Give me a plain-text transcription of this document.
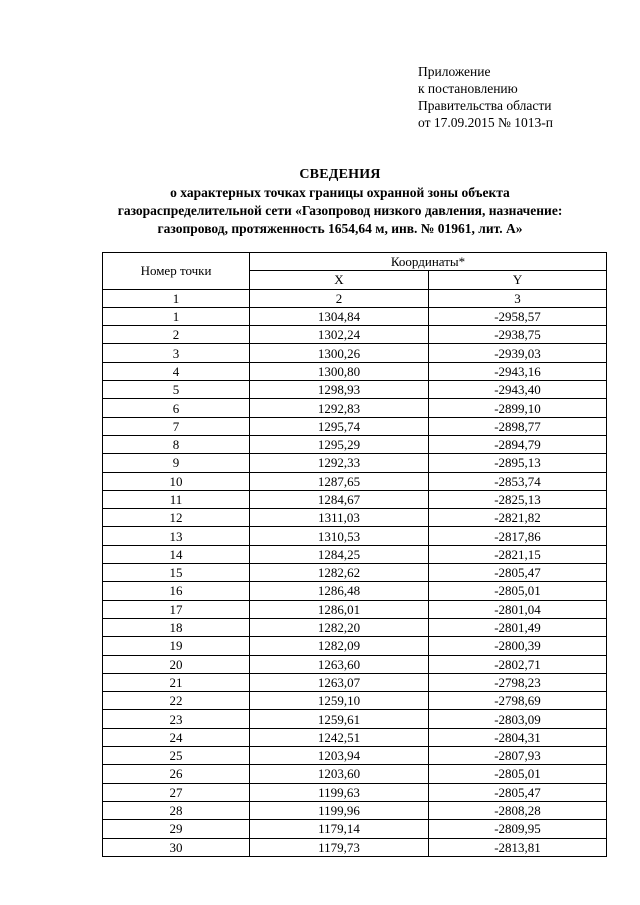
Приложение
к постановлению
Правительства области
от 17.09.2015 № 1013-п
СВЕДЕНИЯ
о характерных точках границы охранной зоны объекта
газораспределительной сети «Газопровод низкого давления, назначение:
газопровод, протяженность 1654,64 м, инв. № 01961, лит. А»
Номер точки	Координаты*	
	X	Y
1	2	3
1	1304,84	-2958,57
2	1302,24	-2938,75
3	1300,26	-2939,03
4	1300,80	-2943,16
5	1298,93	-2943,40
6	1292,83	-2899,10
7	1295,74	-2898,77
8	1295,29	-2894,79
9	1292,33	-2895,13
10	1287,65	-2853,74
11	1284,67	-2825,13
12	1311,03	-2821,82
13	1310,53	-2817,86
14	1284,25	-2821,15
15	1282,62	-2805,47
16	1286,48	-2805,01
17	1286,01	-2801,04
18	1282,20	-2801,49
19	1282,09	-2800,39
20	1263,60	-2802,71
21	1263,07	-2798,23
22	1259,10	-2798,69
23	1259,61	-2803,09
24	1242,51	-2804,31
25	1203,94	-2807,93
26	1203,60	-2805,01
27	1199,63	-2805,47
28	1199,96	-2808,28
29	1179,14	-2809,95
30	1179,73	-2813,81
